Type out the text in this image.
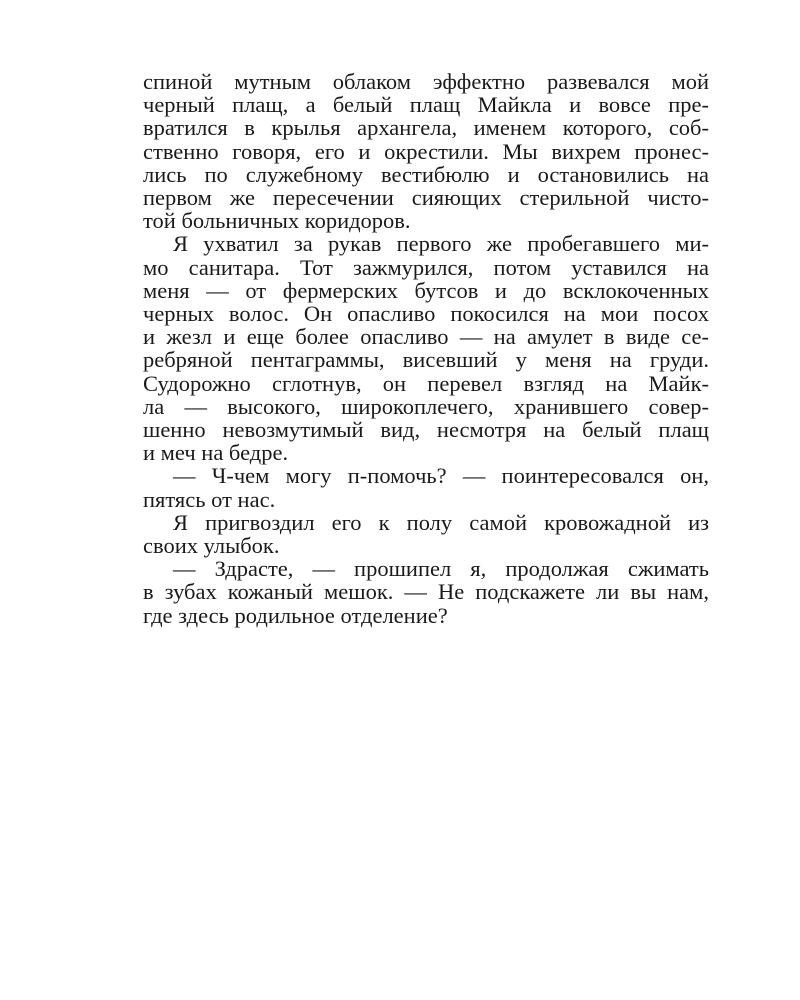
спиной мутным облаком эффектно развевался мой
черный плащ, а белый плащ Майкла и вовсе пре-
вратился в крылья архангела, именем которого, соб-
ственно говоря, его и окрестили. Мы вихрем пронес-
лись по служебному вестибюлю и остановились на
первом же пересечении сияющих стерильной чисто-
той больничных коридоров.
Я ухватил за рукав первого же пробегавшего ми-
мо санитара. Тот зажмурился, потом уставился на
меня — от фермерских бутсов и до всклокоченных
черных волос. Он опасливо покосился на мои посох
и жезл и еще более опасливо — на амулет в виде се-
ребряной пентаграммы, висевший у меня на груди.
Судорожно сглотнув, он перевел взгляд на Майк-
ла — высокого, широкоплечего, хранившего совер-
шенно невозмутимый вид, несмотря на белый плащ
и меч на бедре.
— Ч-чем могу п-помочь? — поинтересовался он,
пятясь от нас.
Я пригвоздил его к полу самой кровожадной из
своих улыбок.
— Здрасте, — прошипел я, продолжая сжимать
в зубах кожаный мешок. — Не подскажете ли вы нам,
где здесь родильное отделение?
